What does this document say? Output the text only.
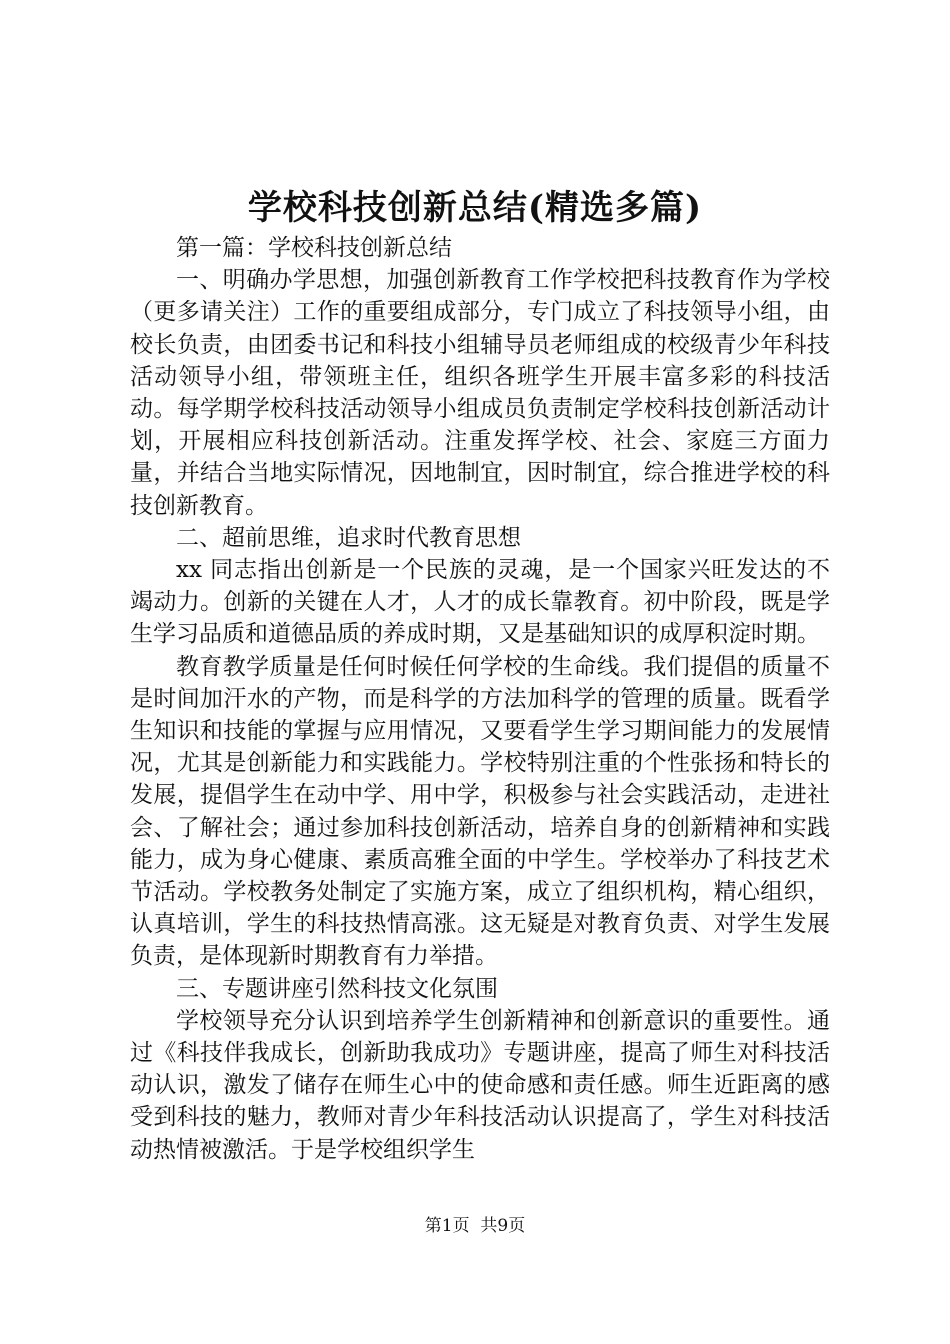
学校科技创新总结(精选多篇)

第一篇：学校科技创新总结

一、明确办学思想，加强创新教育工作学校把科技教育作为学校（更多请关注）工作的重要组成部分，专门成立了科技领导小组，由校长负责，由团委书记和科技小组辅导员老师组成的校级青少年科技活动领导小组，带领班主任，组织各班学生开展丰富多彩的科技活动。每学期学校科技活动领导小组成员负责制定学校科技创新活动计划，开展相应科技创新活动。注重发挥学校、社会、家庭三方面力量，并结合当地实际情况，因地制宜，因时制宜，综合推进学校的科技创新教育。

二、超前思维，追求时代教育思想

xx 同志指出创新是一个民族的灵魂，是一个国家兴旺发达的不竭动力。创新的关键在人才，人才的成长靠教育。初中阶段，既是学生学习品质和道德品质的养成时期，又是基础知识的成厚积淀时期。

教育教学质量是任何时候任何学校的生命线。我们提倡的质量不是时间加汗水的产物，而是科学的方法加科学的管理的质量。既看学生知识和技能的掌握与应用情况，又要看学生学习期间能力的发展情况，尤其是创新能力和实践能力。学校特别注重的个性张扬和特长的发展，提倡学生在动中学、用中学，积极参与社会实践活动，走进社会、了解社会；通过参加科技创新活动，培养自身的创新精神和实践能力，成为身心健康、素质高雅全面的中学生。学校举办了科技艺术节活动。学校教务处制定了实施方案，成立了组织机构，精心组织，认真培训，学生的科技热情高涨。这无疑是对教育负责、对学生发展负责，是体现新时期教育有力举措。

三、专题讲座引然科技文化氛围

学校领导充分认识到培养学生创新精神和创新意识的重要性。通过《科技伴我成长，创新助我成功》专题讲座，提高了师生对科技活动认识，激发了储存在师生心中的使命感和责任感。师生近距离的感受到科技的魅力，教师对青少年科技活动认识提高了，学生对科技活动热情被激活。于是学校组织学生

第1页 共9页
